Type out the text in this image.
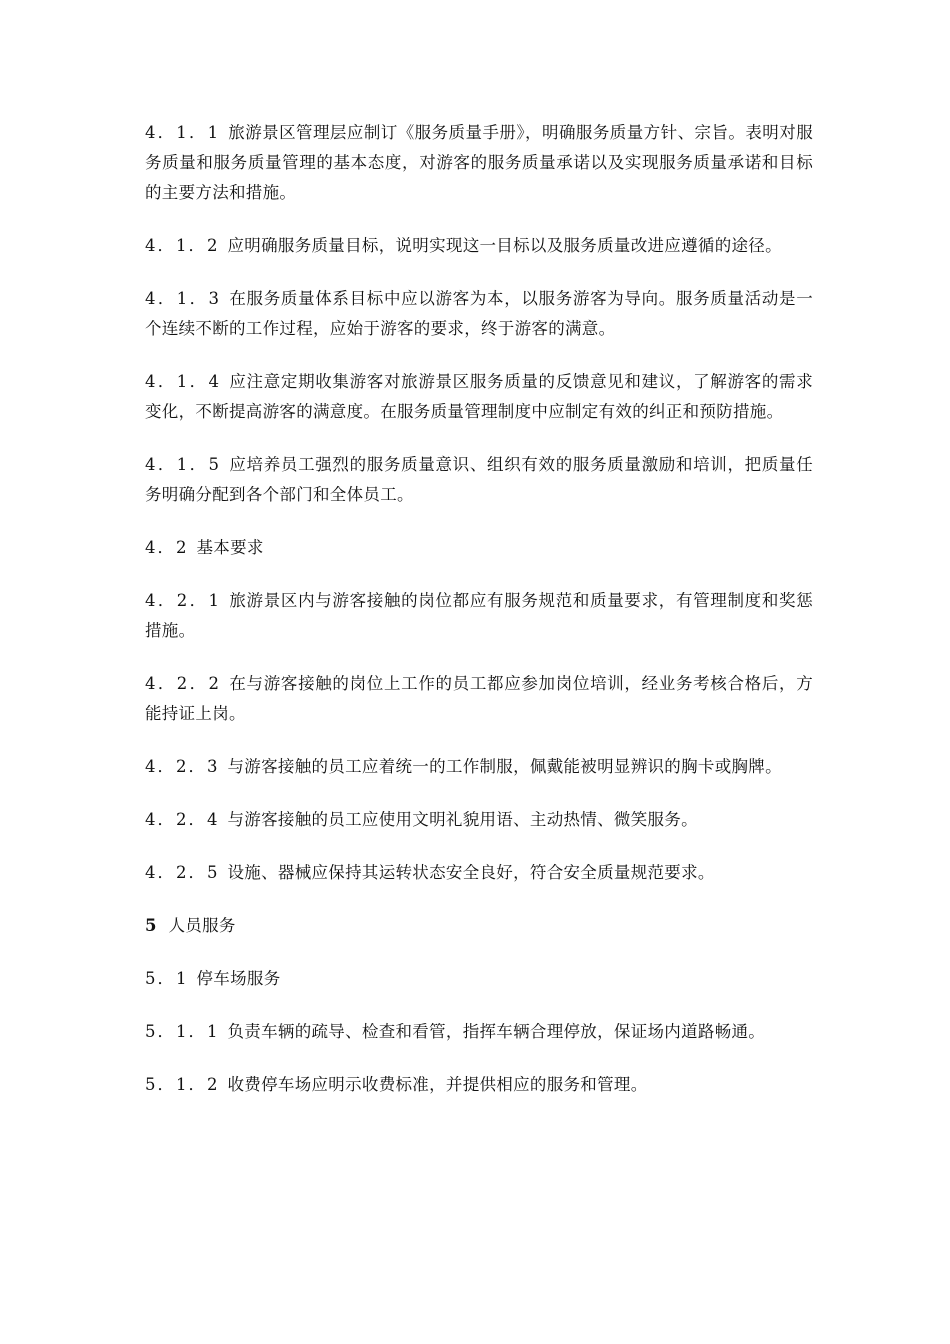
4．1．1 旅游景区管理层应制订《服务质量手册》，明确服务质量方针、宗旨。表明对服务质量和服务质量管理的基本态度，对游客的服务质量承诺以及实现服务质量承诺和目标的主要方法和措施。

4．1．2 应明确服务质量目标，说明实现这一目标以及服务质量改进应遵循的途径。

4．1．3 在服务质量体系目标中应以游客为本，以服务游客为导向。服务质量活动是一个连续不断的工作过程，应始于游客的要求，终于游客的满意。

4．1．4 应注意定期收集游客对旅游景区服务质量的反馈意见和建议，了解游客的需求变化，不断提高游客的满意度。在服务质量管理制度中应制定有效的纠正和预防措施。

4．1．5 应培养员工强烈的服务质量意识、组织有效的服务质量激励和培训，把质量任务明确分配到各个部门和全体员工。

4．2 基本要求

4．2．1 旅游景区内与游客接触的岗位都应有服务规范和质量要求，有管理制度和奖惩措施。

4．2．2 在与游客接触的岗位上工作的员工都应参加岗位培训，经业务考核合格后，方能持证上岗。

4．2．3 与游客接触的员工应着统一的工作制服，佩戴能被明显辨识的胸卡或胸牌。

4．2．4 与游客接触的员工应使用文明礼貌用语、主动热情、微笑服务。

4．2．5 设施、器械应保持其运转状态安全良好，符合安全质量规范要求。

5 人员服务

5．1 停车场服务

5．1．1 负责车辆的疏导、检查和看管，指挥车辆合理停放，保证场内道路畅通。

5．1．2 收费停车场应明示收费标准，并提供相应的服务和管理。
